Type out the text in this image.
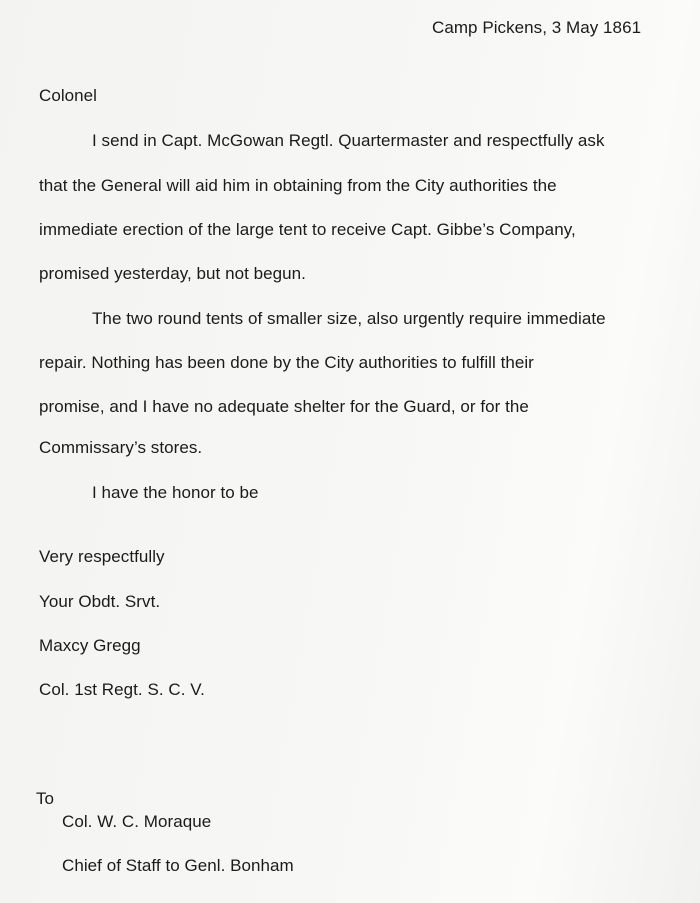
Camp Pickens, 3 May 1861
Colonel
I send in Capt. McGowan Regtl. Quartermaster and respectfully ask
that the General will aid him in obtaining from the City authorities the
immediate erection of the large tent to receive Capt. Gibbe’s Company,
promised yesterday, but not begun.
The two round tents of smaller size, also urgently require immediate
repair. Nothing has been done by the City authorities to fulfill their
promise, and I have no adequate shelter for the Guard, or for the
Commissary’s stores.
I have the honor to be
Very respectfully
Your Obdt. Srvt.
Maxcy Gregg
Col. 1st Regt. S. C. V.
To
Col. W. C. Moraque
Chief of Staff to Genl. Bonham
